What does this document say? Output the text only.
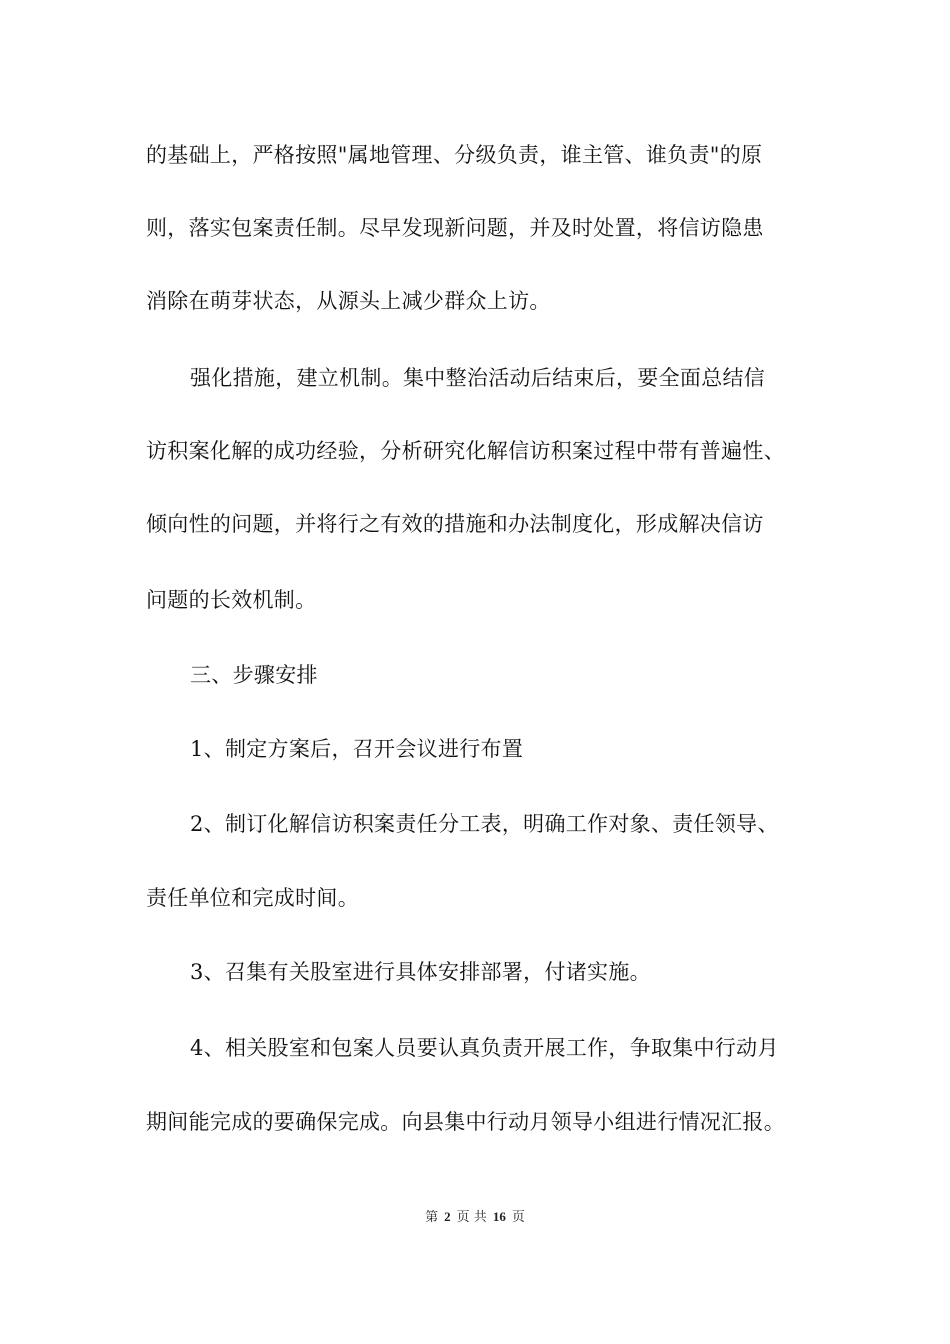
的基础上，严格按照"属地管理、分级负责，谁主管、谁负责"的原
则，落实包案责任制。尽早发现新问题，并及时处置，将信访隐患
消除在萌芽状态，从源头上减少群众上访。
强化措施，建立机制。集中整治活动后结束后，要全面总结信
访积案化解的成功经验，分析研究化解信访积案过程中带有普遍性、
倾向性的问题，并将行之有效的措施和办法制度化，形成解决信访
问题的长效机制。
三、步骤安排
1、制定方案后，召开会议进行布置
2、制订化解信访积案责任分工表，明确工作对象、责任领导、
责任单位和完成时间。
3、召集有关股室进行具体安排部署，付诸实施。
4、相关股室和包案人员要认真负责开展工作，争取集中行动月
期间能完成的要确保完成。向县集中行动月领导小组进行情况汇报。
第 2 页 共 16 页
